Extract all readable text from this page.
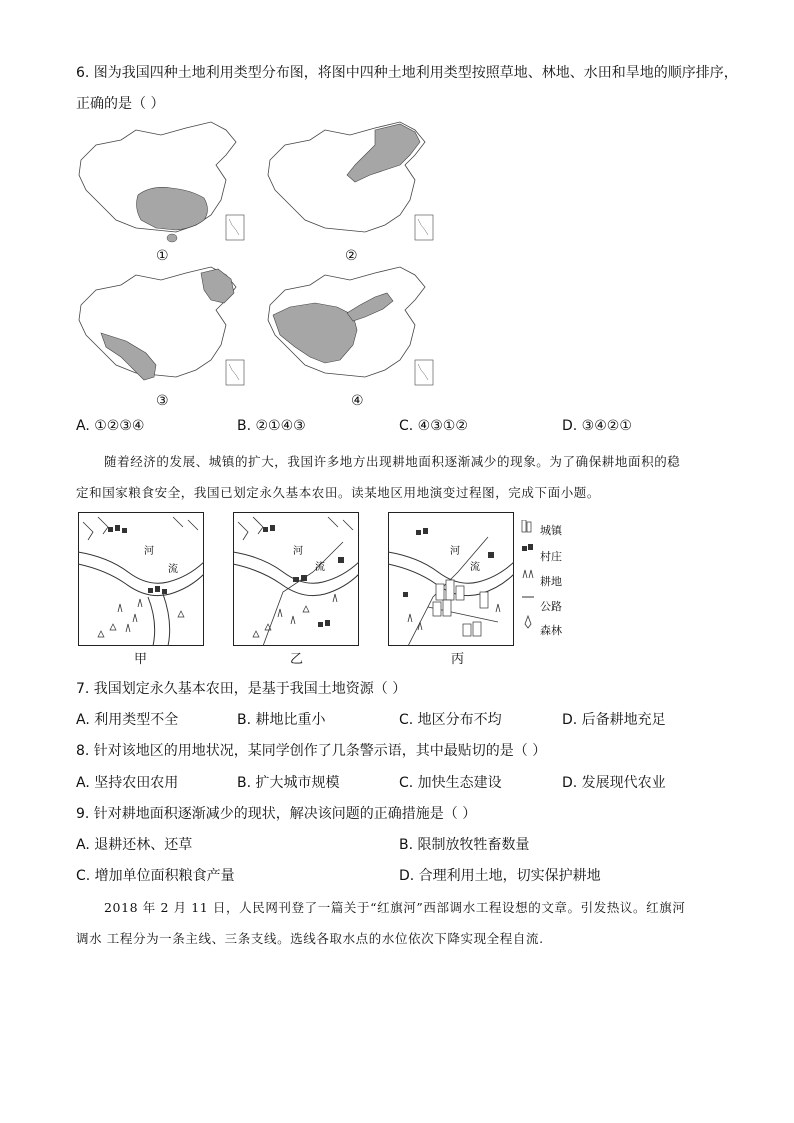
6. 图为我国四种土地利用类型分布图，将图中四种土地利用类型按照草地、林地、水田和旱地的顺序排序，
正确的是（ ）
①	②
③	④
A. ①②③④	B. ②①④③	C. ④③①②	D. ③④②①
随着经济的发展、城镇的扩大，我国许多地方出现耕地面积逐渐减少的现象。为了确保耕地面积的稳
定和国家粮食安全，我国已划定永久基本农田。读某地区用地演变过程图，完成下面小题。
河
流
甲
河
流
乙
河
流
丙
城镇
村庄
耕地
公路
森林
7. 我国划定永久基本农田，是基于我国土地资源（ ）
A. 利用类型不全	B. 耕地比重小	C. 地区分布不均	D. 后备耕地充足
8. 针对该地区的用地状况，某同学创作了几条警示语，其中最贴切的是（ ）
A. 坚持农田农用	B. 扩大城市规模	C. 加快生态建设	D. 发展现代农业
9. 针对耕地面积逐渐减少的现状，解决该问题的正确措施是（ ）
A. 退耕还林、还草	B. 限制放牧牲畜数量
C. 增加单位面积粮食产量	D. 合理利用土地，切实保护耕地
2018 年 2 月 11 日，人民网刊登了一篇关于“红旗河”西部调水工程设想的文章。引发热议。红旗河
调水 工程分为一条主线、三条支线。选线各取水点的水位依次下降实现全程自流.
